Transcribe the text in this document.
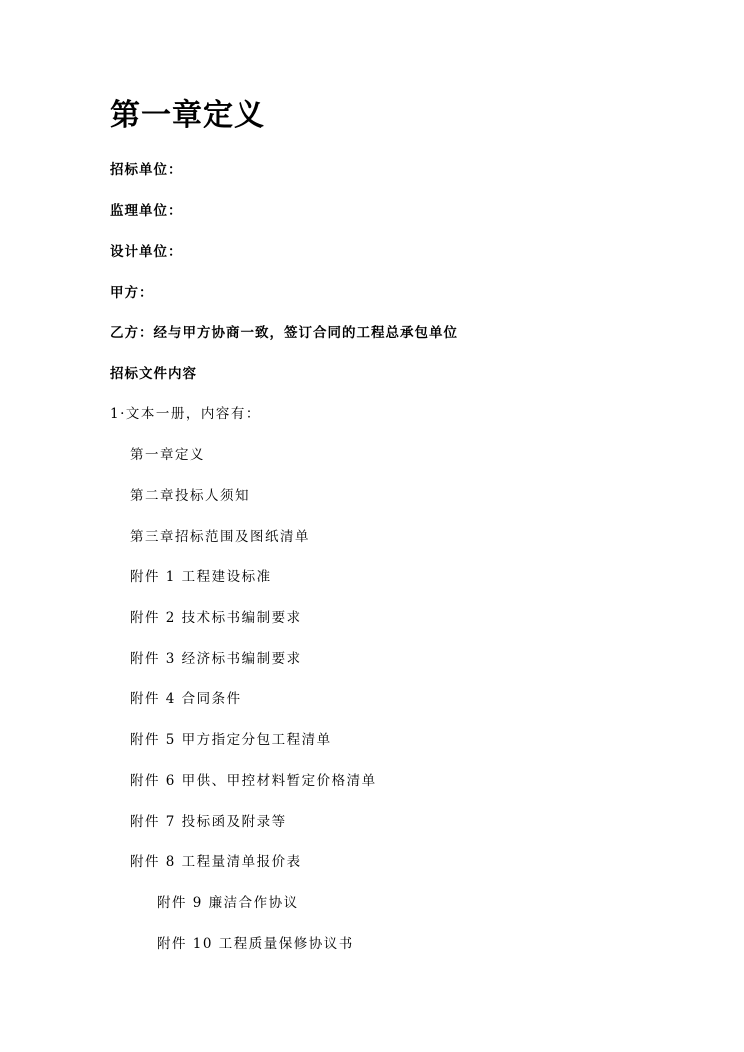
第一章定义
招标单位：
监理单位：
设计单位：
甲方：
乙方：经与甲方协商一致，签订合同的工程总承包单位
招标文件内容
1·文本一册，内容有：
第一章定义
第二章投标人须知
第三章招标范围及图纸清单
附件 1 工程建设标准
附件 2 技术标书编制要求
附件 3 经济标书编制要求
附件 4 合同条件
附件 5 甲方指定分包工程清单
附件 6 甲供、甲控材料暂定价格清单
附件 7 投标函及附录等
附件 8 工程量清单报价表
附件 9 廉洁合作协议
附件 10 工程质量保修协议书
